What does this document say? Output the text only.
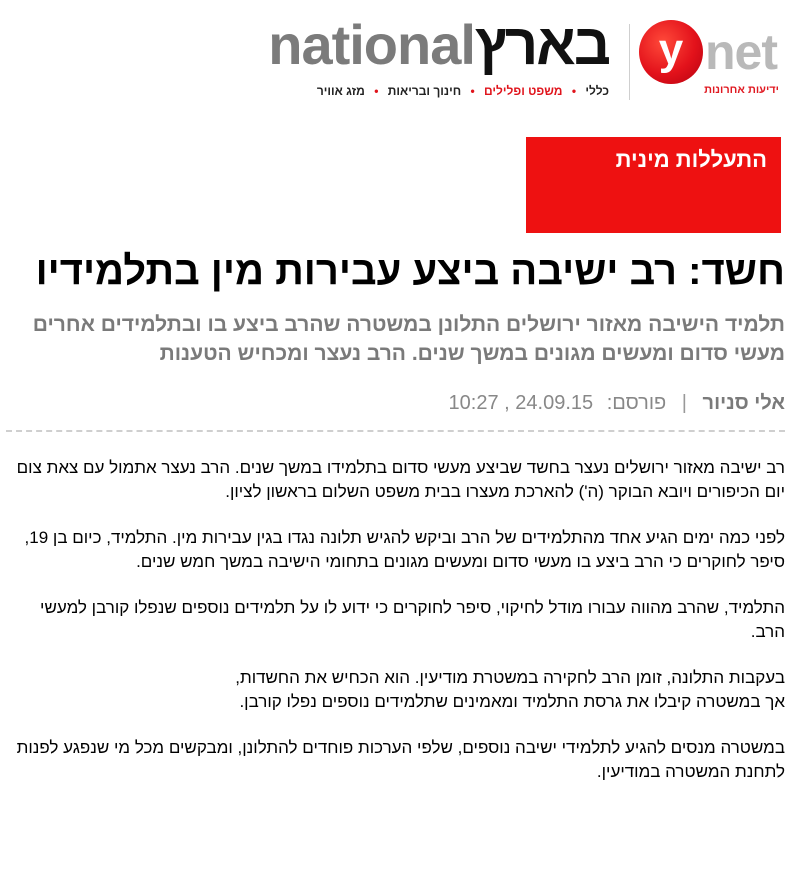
y net
ידיעות אחרונות
nationalבארץ
כללי • משפט ופלילים • חינוך ובריאות • מזג אוויר
התעללות מינית
חשד: רב ישיבה ביצע עבירות מין בתלמידיו

תלמיד הישיבה מאזור ירושלים התלונן במשטרה שהרב ביצע בו ובתלמידים אחרים מעשי סדום ומעשים מגונים במשך שנים. הרב נעצר ומכחיש הטענות

אלי סניור | פורסם: 10:27 , 24.09.15

רב ישיבה מאזור ירושלים נעצר בחשד שביצע מעשי סדום בתלמידו במשך שנים. הרב נעצר אתמול עם צאת צום יום הכיפורים ויובא הבוקר (ה') להארכת מעצרו בבית משפט השלום בראשון לציון.

לפני כמה ימים הגיע אחד מהתלמידים של הרב וביקש להגיש תלונה נגדו בגין עבירות מין. התלמיד, כיום בן 19, סיפר לחוקרים כי הרב ביצע בו מעשי סדום ומעשים מגונים בתחומי הישיבה במשך חמש שנים.

התלמיד, שהרב מהווה עבורו מודל לחיקוי, סיפר לחוקרים כי ידוע לו על תלמידים נוספים שנפלו קורבן למעשי הרב.

בעקבות התלונה, זומן הרב לחקירה במשטרת מודיעין. הוא הכחיש את החשדות,
אך במשטרה קיבלו את גרסת התלמיד ומאמינים שתלמידים נוספים נפלו קורבן.

במשטרה מנסים להגיע לתלמידי ישיבה נוספים, שלפי הערכות פוחדים להתלונן, ומבקשים מכל מי שנפגע לפנות לתחנת המשטרה במודיעין.
